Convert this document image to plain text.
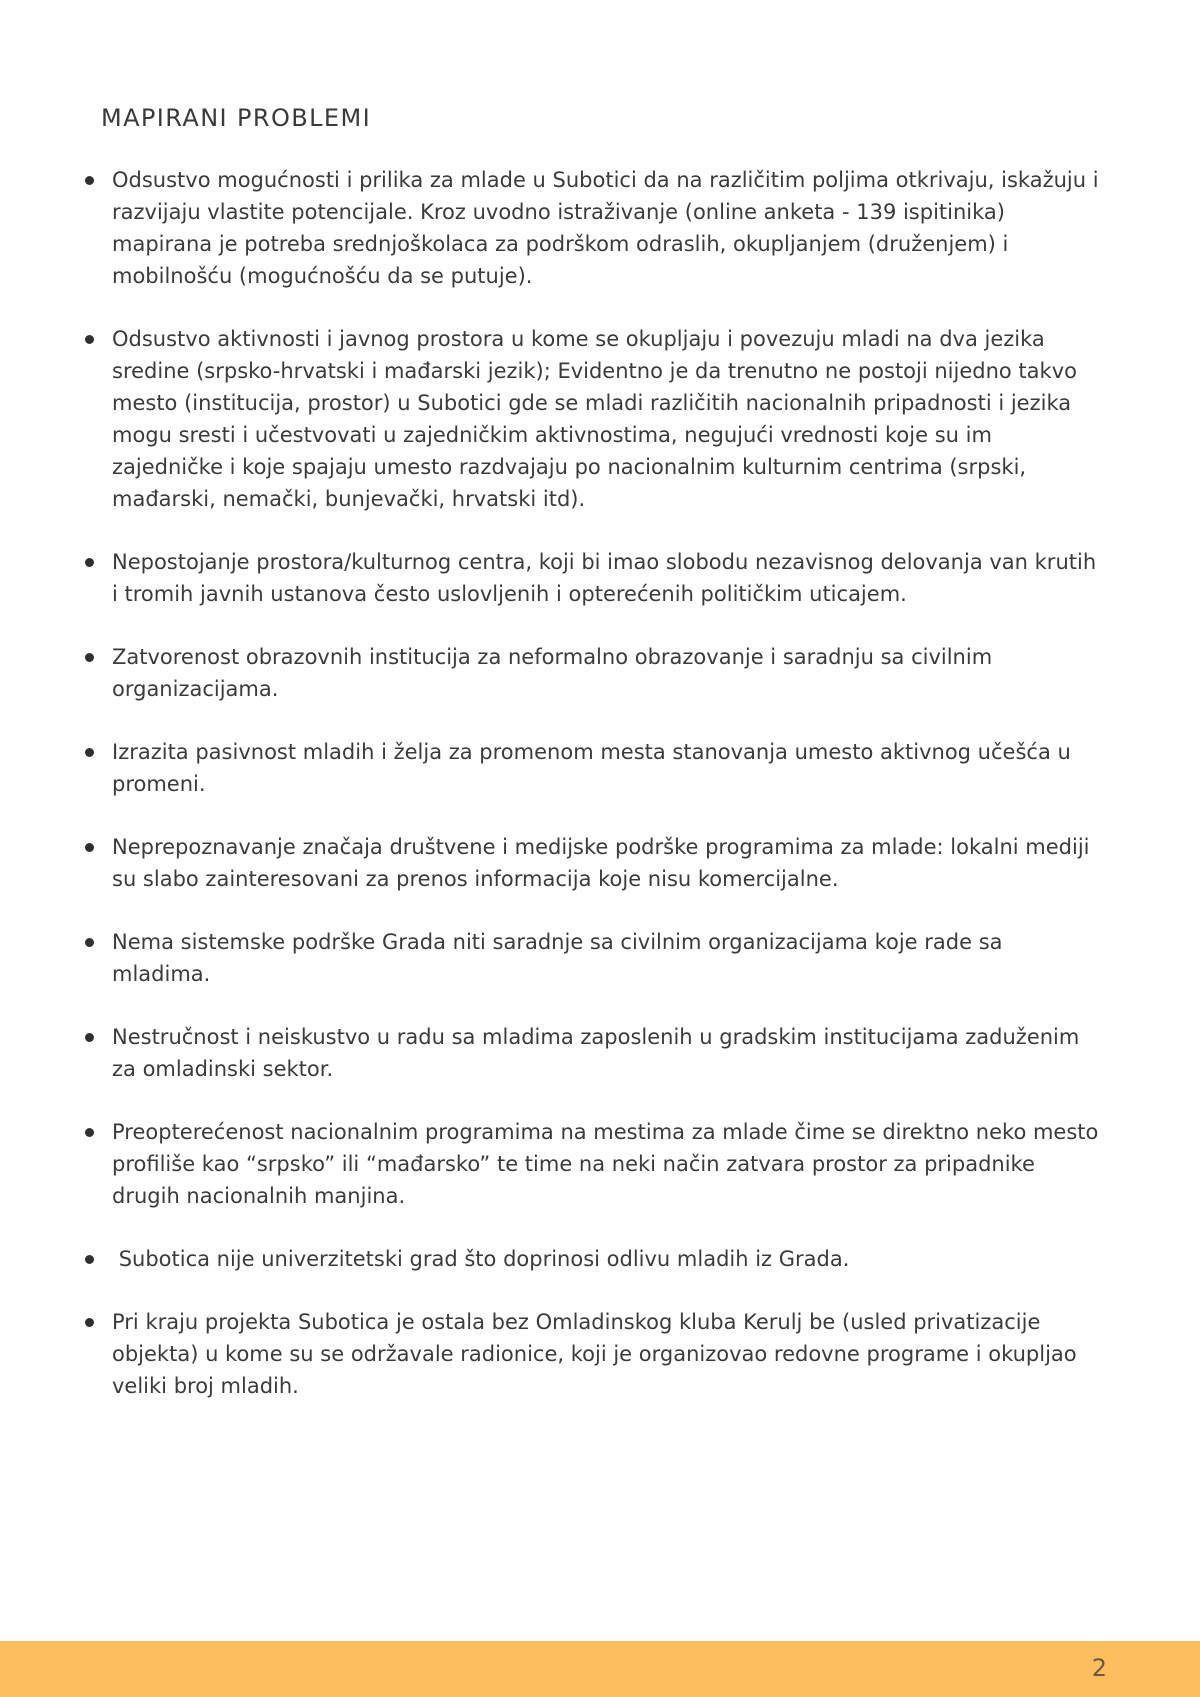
MAPIRANI PROBLEMI
Odsustvo mogućnosti i prilika za mlade u Subotici da na različitim poljima otkrivaju, iskažuju i razvijaju vlastite potencijale. Kroz uvodno istraživanje (online anketa - 139 ispitinika) mapirana je potreba srednjoškolaca za podrškom odraslih, okupljanjem (druženjem) i mobilnošću (mogućnošću da se putuje).
Odsustvo aktivnosti i javnog prostora u kome se okupljaju i povezuju mladi na dva jezika sredine (srpsko-hrvatski i mađarski jezik); Evidentno je da trenutno ne postoji nijedno takvo mesto (institucija, prostor) u Subotici gde se mladi različitih nacionalnih pripadnosti i jezika mogu sresti i učestvovati u zajedničkim aktivnostima, negujući vrednosti koje su im zajedničke i koje spajaju umesto razdvajaju po nacionalnim kulturnim centrima (srpski, mađarski, nemački, bunjevački, hrvatski itd).
Nepostojanje prostora/kulturnog centra, koji bi imao slobodu nezavisnog delovanja van krutih i tromih javnih ustanova često uslovljenih i opterećenih političkim uticajem.
Zatvorenost obrazovnih institucija za neformalno obrazovanje i saradnju sa civilnim organizacijama.
Izrazita pasivnost mladih i želja za promenom mesta stanovanja umesto aktivnog učešća u promeni.
Neprepoznavanje značaja društvene i medijske podrške programima za mlade: lokalni mediji su slabo zainteresovani za prenos informacija koje nisu komercijalne.
Nema sistemske podrške Grada niti saradnje sa civilnim organizacijama koje rade sa mladima.
Nestručnost i neiskustvo u radu sa mladima zaposlenih u gradskim institucijama zaduženim za omladinski sektor.
Preopterećenost nacionalnim programima na mestima za mlade čime se direktno neko mesto profiliše kao “srpsko” ili “mađarsko” te time na neki način zatvara prostor za pripadnike drugih nacionalnih manjina.
Subotica nije univerzitetski grad što doprinosi odlivu mladih iz Grada.
Pri kraju projekta Subotica je ostala bez Omladinskog kluba Kerulj be (usled privatizacije objekta) u kome su se održavale radionice, koji je organizovao redovne programe i okupljao veliki broj mladih.
2
